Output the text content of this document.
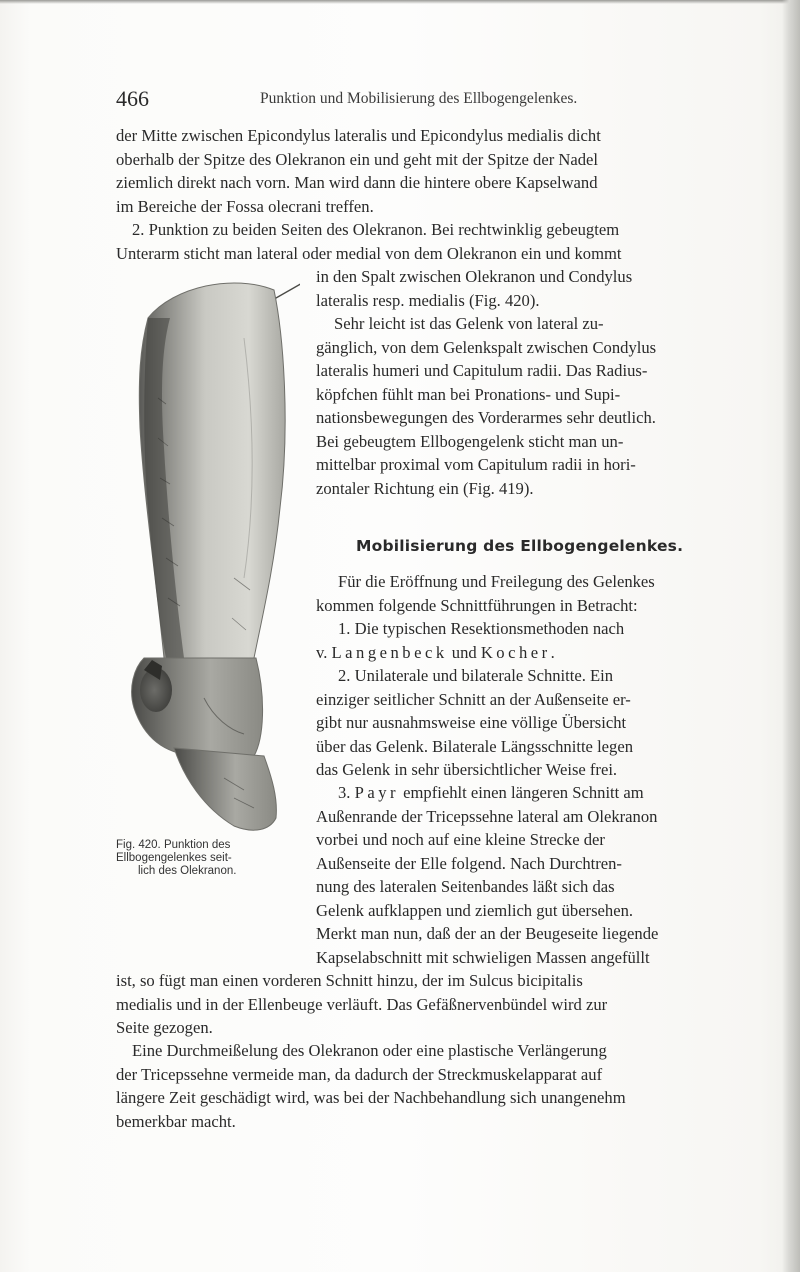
466	Punktion und Mobilisierung des Ellbogengelenkes.

der Mitte zwischen Epicondylus lateralis und Epicondylus medialis dicht
oberhalb der Spitze des Olekranon ein und geht mit der Spitze der Nadel
ziemlich direkt nach vorn. Man wird dann die hintere obere Kapselwand
im Bereiche der Fossa olecrani treffen.

2. Punktion zu beiden Seiten des Olekranon. Bei rechtwinklig gebeugtem
Unterarm sticht man lateral oder medial von dem Olekranon ein und kommt

in den Spalt zwischen Olekranon und Condylus
lateralis resp. medialis (Fig. 420).

Sehr leicht ist das Gelenk von lateral zu-
gänglich, von dem Gelenkspalt zwischen Condylus
lateralis humeri und Capitulum radii. Das Radius-
köpfchen fühlt man bei Pronations- und Supi-
nationsbewegungen des Vorderarmes sehr deutlich.
Bei gebeugtem Ellbogengelenk sticht man un-
mittelbar proximal vom Capitulum radii in hori-
zontaler Richtung ein (Fig. 419).

Mobilisierung des Ellbogengelenkes.

Für die Eröffnung und Freilegung des Gelenkes
kommen folgende Schnittführungen in Betracht:

1. Die typischen Resektionsmethoden nach
v. Langenbeck und Kocher.

2. Unilaterale und bilaterale Schnitte. Ein
einziger seitlicher Schnitt an der Außenseite er-
gibt nur ausnahmsweise eine völlige Übersicht
über das Gelenk. Bilaterale Längsschnitte legen
das Gelenk in sehr übersichtlicher Weise frei.

3. Payr empfiehlt einen längeren Schnitt am
Außenrande der Tricepssehne lateral am Olekranon
vorbei und noch auf eine kleine Strecke der
Außenseite der Elle folgend. Nach Durchtren-
nung des lateralen Seitenbandes läßt sich das
Gelenk aufklappen und ziemlich gut übersehen.
Merkt man nun, daß der an der Beugeseite liegende
Kapselabschnitt mit schwieligen Massen angefüllt

ist, so fügt man einen vorderen Schnitt hinzu, der im Sulcus bicipitalis
medialis und in der Ellenbeuge verläuft. Das Gefäßnervenbündel wird zur
Seite gezogen.

Eine Durchmeißelung des Olekranon oder eine plastische Verlängerung
der Tricepssehne vermeide man, da dadurch der Streckmuskelapparat auf
längere Zeit geschädigt wird, was bei der Nachbehandlung sich unangenehm
bemerkbar macht.

Fig. 420. Punktion des
Ellbogengelenkes seit-
lich des Olekranon.
